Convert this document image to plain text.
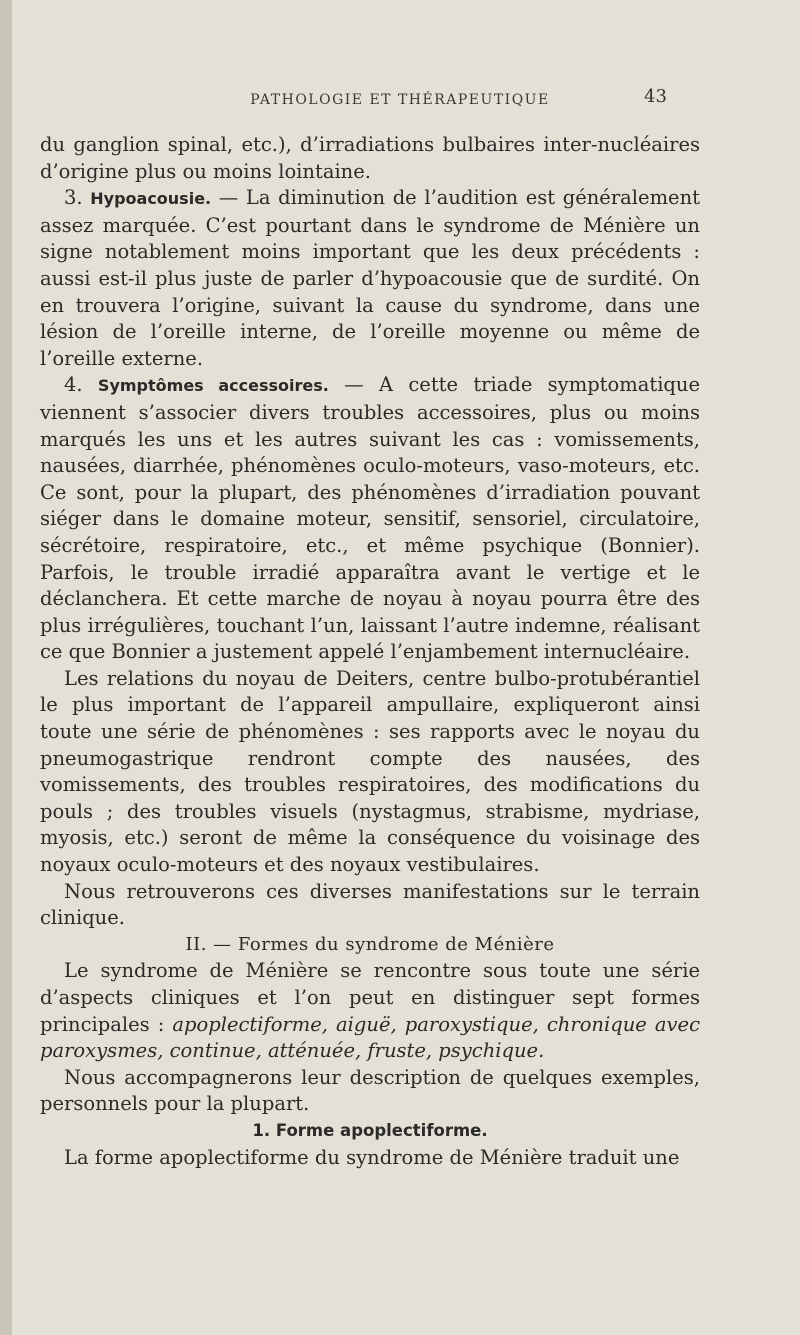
PATHOLOGIE ET THÉRAPEUTIQUE	43

du ganglion spinal, etc.), d’irradiations bulbaires inter-nucléaires d’origine plus ou moins lointaine.

3. Hypoacousie. — La diminution de l’audition est généralement assez marquée. C’est pourtant dans le syndrome de Ménière un signe notablement moins important que les deux précédents : aussi est-il plus juste de parler d’hypoacousie que de surdité. On en trouvera l’origine, suivant la cause du syndrome, dans une lésion de l’oreille interne, de l’oreille moyenne ou même de l’oreille externe.

4. Symptômes accessoires. — A cette triade symptomatique viennent s’associer divers troubles accessoires, plus ou moins marqués les uns et les autres suivant les cas : vomissements, nausées, diarrhée, phénomènes oculo-moteurs, vaso-moteurs, etc. Ce sont, pour la plupart, des phénomènes d’irradiation pouvant siéger dans le domaine moteur, sensitif, sensoriel, circulatoire, sécrétoire, respiratoire, etc., et même psychique (Bonnier). Parfois, le trouble irradié apparaîtra avant le vertige et le déclanchera. Et cette marche de noyau à noyau pourra être des plus irrégulières, touchant l’un, laissant l’autre indemne, réalisant ce que Bonnier a justement appelé l’enjambement internucléaire.

Les relations du noyau de Deiters, centre bulbo-protubérantiel le plus important de l’appareil ampullaire, expliqueront ainsi toute une série de phénomènes : ses rapports avec le noyau du pneumogastrique rendront compte des nausées, des vomissements, des troubles respiratoires, des modifications du pouls ; des troubles visuels (nystagmus, strabisme, mydriase, myosis, etc.) seront de même la conséquence du voisinage des noyaux oculo-moteurs et des noyaux vestibulaires.

Nous retrouverons ces diverses manifestations sur le terrain clinique.

II. — Formes du syndrome de Ménière

Le syndrome de Ménière se rencontre sous toute une série d’aspects cliniques et l’on peut en distinguer sept formes principales : apoplectiforme, aiguë, paroxystique, chronique avec paroxysmes, continue, atténuée, fruste, psychique.

Nous accompagnerons leur description de quelques exemples, personnels pour la plupart.

1. Forme apoplectiforme.

La forme apoplectiforme du syndrome de Ménière traduit une
